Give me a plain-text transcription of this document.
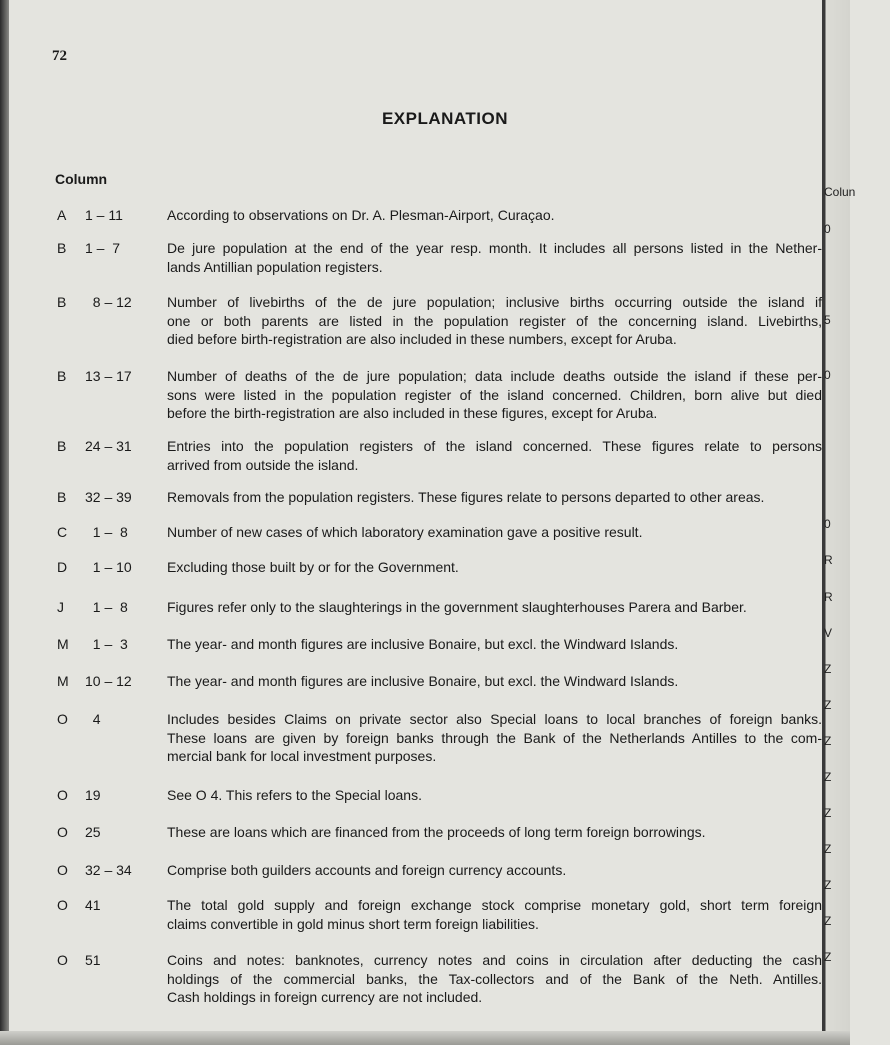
Colun
0
5
0
0
R
R
V
Z
Z
Z
Z
Z
Z
Z
Z
Z
72
EXPLANATION
Column
A 1 – 11	According to observations on Dr. A. Plesman-Airport, Curaçao.
B 1 –  7	De jure population at the end of the year resp. month. It includes all persons listed in the Nether-
lands Antillian population registers.
B 8 – 12	Number of livebirths of the de jure population; inclusive births occurring outside the island if
one or both parents are listed in the population register of the concerning island. Livebirths,
died before birth-registration are also included in these numbers, except for Aruba.
B 13 – 17	Number of deaths of the de jure population; data include deaths outside the island if these per-
sons were listed in the population register of the island concerned. Children, born alive but died
before the birth-registration are also included in these figures, except for Aruba.
B 24 – 31	Entries into the population registers of the island concerned. These figures relate to persons
arrived from outside the island.
B 32 – 39	Removals from the population registers. These figures relate to persons departed to other areas.
C 1 –  8	Number of new cases of which laboratory examination gave a positive result.
D 1 – 10	Excluding those built by or for the Government.
J 1 –  8	Figures refer only to the slaughterings in the government slaughterhouses Parera and Barber.
M 1 –  3	The year- and month figures are inclusive Bonaire, but excl. the Windward Islands.
M 10 – 12	The year- and month figures are inclusive Bonaire, but excl. the Windward Islands.
O 4	Includes besides Claims on private sector also Special loans to local branches of foreign banks.
These loans are given by foreign banks through the Bank of the Netherlands Antilles to the com-
mercial bank for local investment purposes.
O 19	See O 4. This refers to the Special loans.
O 25	These are loans which are financed from the proceeds of long term foreign borrowings.
O 32 – 34	Comprise both guilders accounts and foreign currency accounts.
O 41	The total gold supply and foreign exchange stock comprise monetary gold, short term foreign
claims convertible in gold minus short term foreign liabilities.
O 51	Coins and notes: banknotes, currency notes and coins in circulation after deducting the cash
holdings of the commercial banks, the Tax-collectors and of the Bank of the Neth. Antilles.
Cash holdings in foreign currency are not included.
